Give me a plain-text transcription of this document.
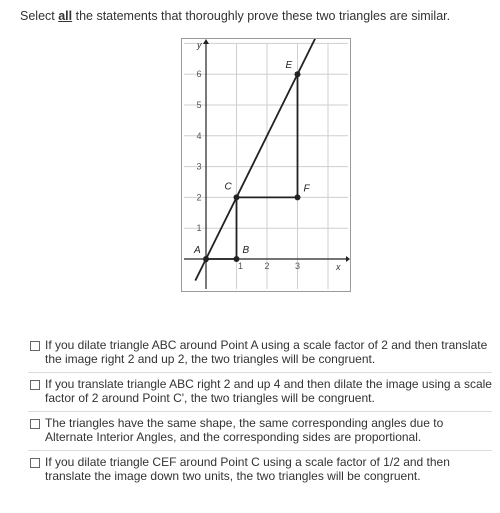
Select all the statements that thoroughly prove these two triangles are similar.
1 2	3
1
2
3
4
5
6
x
y
A	B
C
E
F
If you dilate triangle ABC around Point A using a scale factor of 2 and then translate the image right 2 and up 2, the two triangles will be congruent.
If you translate triangle ABC right 2 and up 4 and then dilate the image using a scale factor of 2 around Point C', the two triangles will be congruent.
The triangles have the same shape, the same corresponding angles due to Alternate Interior Angles, and the corresponding sides are proportional.
If you dilate triangle CEF around Point C using a scale factor of 1/2 and then translate the image down two units, the two triangles will be congruent.
